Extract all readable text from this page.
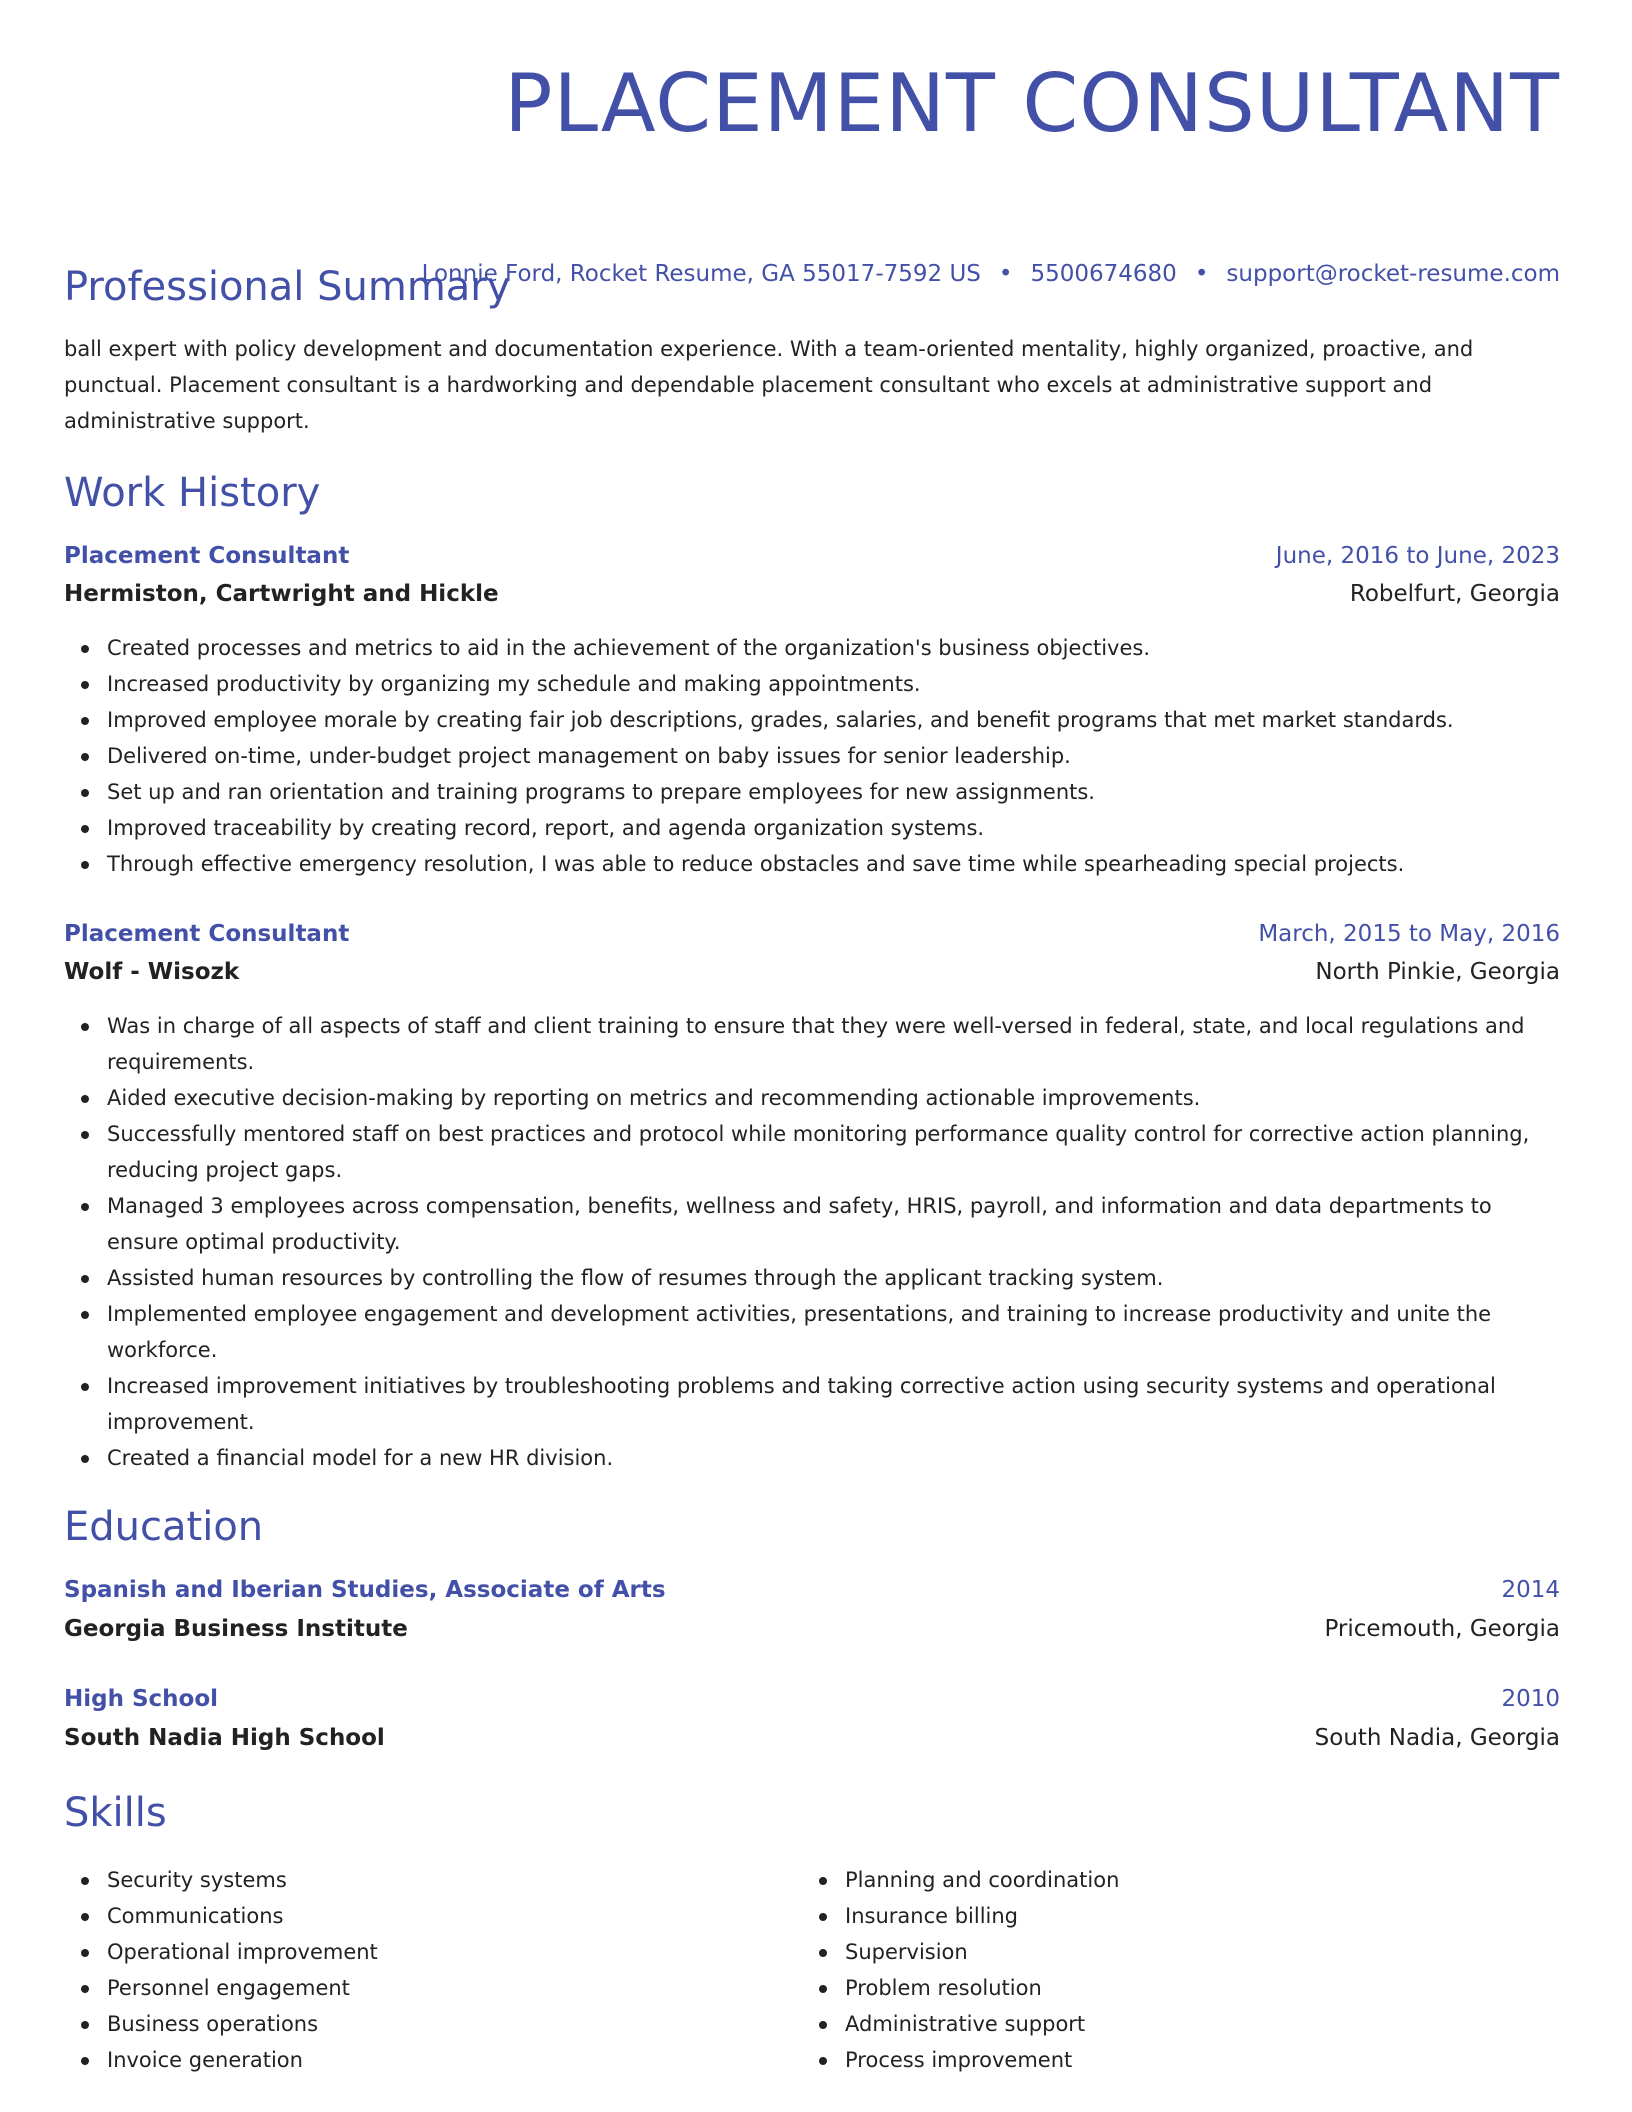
PLACEMENT CONSULTANT
Lonnie Ford, Rocket Resume, GA 55017-7592 US • 5500674680 • support@rocket-resume.com
Professional Summary

ball expert with policy development and documentation experience. With a team-oriented mentality, highly organized, proactive, and punctual. Placement consultant is a hardworking and dependable placement consultant who excels at administrative support and administrative support.

Work History
Placement Consultant	June, 2016 to June, 2023
Hermiston, Cartwright and Hickle	Robelfurt, Georgia
Created processes and metrics to aid in the achievement of the organization's business objectives.
Increased productivity by organizing my schedule and making appointments.
Improved employee morale by creating fair job descriptions, grades, salaries, and benefit programs that met market standards.
Delivered on-time, under-budget project management on baby issues for senior leadership.
Set up and ran orientation and training programs to prepare employees for new assignments.
Improved traceability by creating record, report, and agenda organization systems.
Through effective emergency resolution, I was able to reduce obstacles and save time while spearheading special projects.
Placement Consultant	March, 2015 to May, 2016
Wolf - Wisozk	North Pinkie, Georgia
Was in charge of all aspects of staff and client training to ensure that they were well-versed in federal, state, and local regulations and requirements.
Aided executive decision-making by reporting on metrics and recommending actionable improvements.
Successfully mentored staff on best practices and protocol while monitoring performance quality control for corrective action planning, reducing project gaps.
Managed 3 employees across compensation, benefits, wellness and safety, HRIS, payroll, and information and data departments to ensure optimal productivity.
Assisted human resources by controlling the flow of resumes through the applicant tracking system.
Implemented employee engagement and development activities, presentations, and training to increase productivity and unite the workforce.
Increased improvement initiatives by troubleshooting problems and taking corrective action using security systems and operational improvement.
Created a financial model for a new HR division.
Education
Spanish and Iberian Studies, Associate of Arts	2014
Georgia Business Institute	Pricemouth, Georgia
High School	2010
South Nadia High School	South Nadia, Georgia
Skills
Security systems
Communications
Operational improvement
Personnel engagement
Business operations
Invoice generation
Planning and coordination
Insurance billing
Supervision
Problem resolution
Administrative support
Process improvement
